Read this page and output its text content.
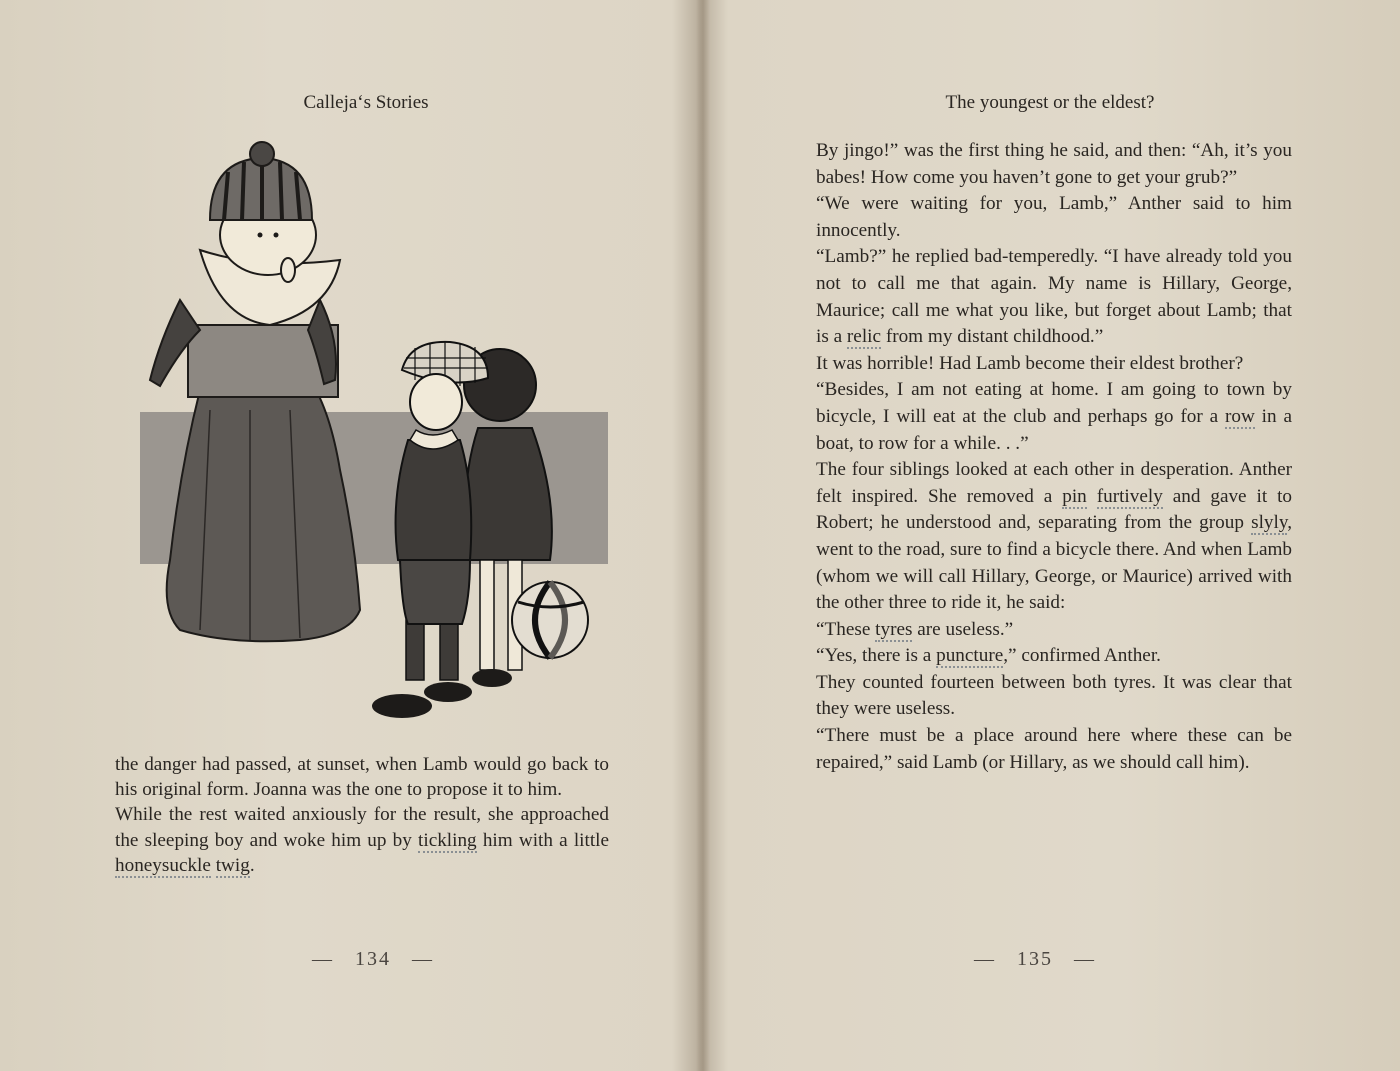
Calleja‘s Stories

the danger had passed, at sunset, when Lamb would go back to his original form. Joanna was the one to propose it to him.

While the rest waited anxiously for the result, she approached the sleeping boy and woke him up by tickling him with a little honeysuckle twig.

—   134   —
The youngest or the eldest?

By jingo!” was the first thing he said, and then: “Ah, it’s you babes! How come you haven’t gone to get your grub?”

“We were waiting for you, Lamb,” Anther said to him innocently.

“Lamb?” he replied bad-temperedly. “I have already told you not to call me that again. My name is Hillary, George, Maurice; call me what you like, but forget about Lamb; that is a relic from my distant childhood.”

It was horrible! Had Lamb become their eldest brother?

“Besides, I am not eating at home. I am going to town by bicycle, I will eat at the club and perhaps go for a row in a boat, to row for a while. . .”

The four siblings looked at each other in desperation. Anther felt inspired. She removed a pin furtively and gave it to Robert; he understood and, separating from the group slyly, went to the road, sure to find a bicycle there. And when Lamb (whom we will call Hillary, George, or Maurice) arrived with the other three to ride it, he said:

“These tyres are useless.”

“Yes, there is a puncture,” confirmed Anther.

They counted fourteen between both tyres. It was clear that they were useless.

“There must be a place around here where these can be repaired,” said Lamb (or Hillary, as we should call him).

—   135   —
